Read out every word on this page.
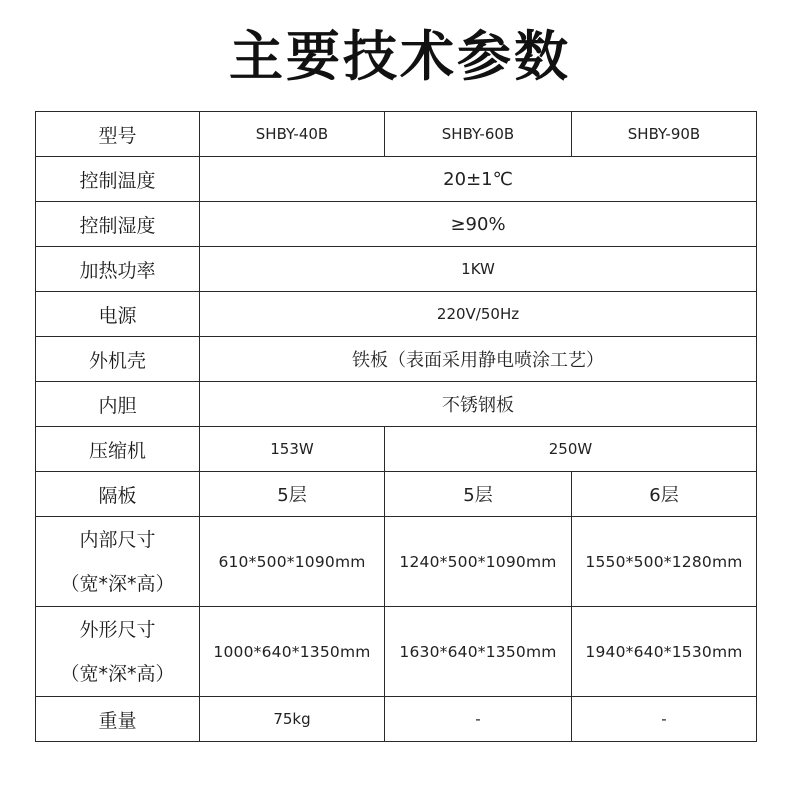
主要技术参数
型号	SHBY-40B	SHBY-60B	SHBY-90B
控制温度	20±1℃		
控制湿度	≥90%		
加热功率	1KW		
电源	220V/50Hz		
外机壳	铁板（表面采用静电喷涂工艺）		
内胆	不锈钢板		
压缩机	153W	250W	
隔板	5层	5层	6层

内部尺寸
（宽*深*高）	610*500*1090mm	1240*500*1090mm	1550*500*1280mm

外形尺寸
（宽*深*高）	1000*640*1350mm	1630*640*1350mm	1940*640*1530mm
重量	75kg	-	-
